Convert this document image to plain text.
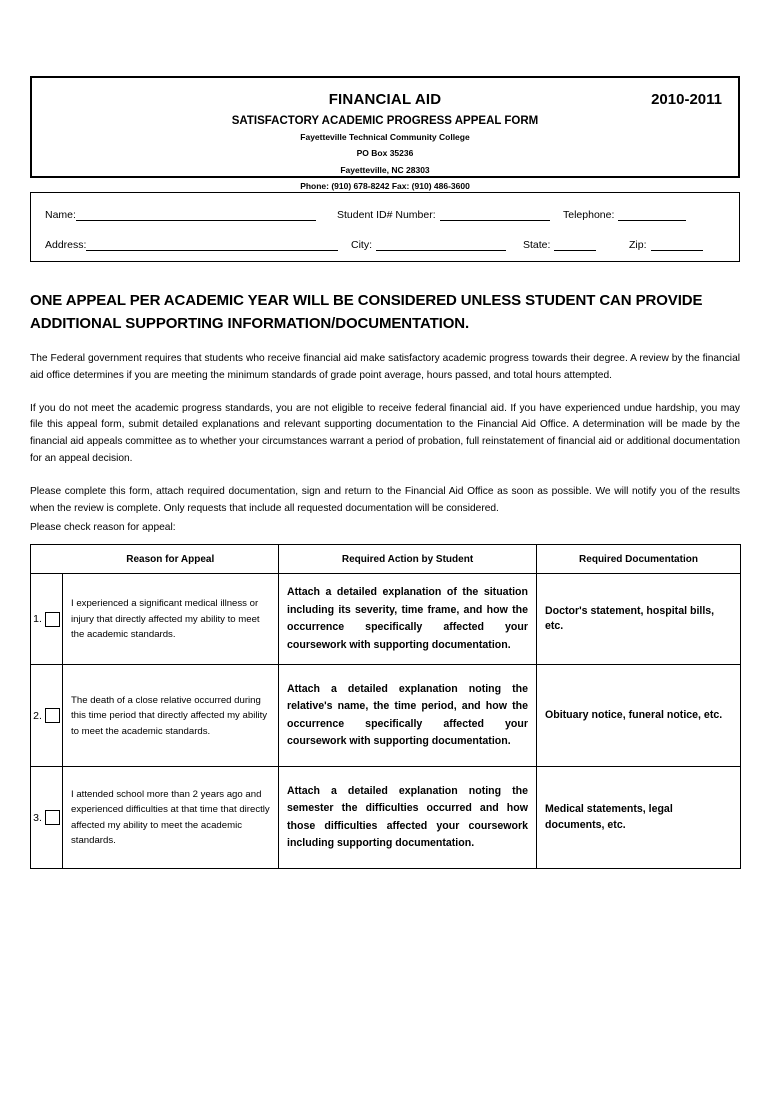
FINANCIAL AID	2010-2011
SATISFACTORY ACADEMIC PROGRESS APPEAL FORM
Fayetteville Technical Community College
PO Box 35236
Fayetteville, NC 28303
Phone: (910) 678-8242 Fax: (910) 486-3600
Name:	Student ID# Number:	Telephone:
Address:	City:	State:	Zip:
ONE APPEAL PER ACADEMIC YEAR WILL BE CONSIDERED UNLESS STUDENT CAN PROVIDE ADDITIONAL SUPPORTING INFORMATION/DOCUMENTATION.
The Federal government requires that students who receive financial aid make satisfactory academic progress towards their degree. A review by the financial aid office determines if you are meeting the minimum standards of grade point average, hours passed, and total hours attempted.
If you do not meet the academic progress standards, you are not eligible to receive federal financial aid. If you have experienced undue hardship, you may file this appeal form, submit detailed explanations and relevant supporting documentation to the Financial Aid Office. A determination will be made by the financial aid appeals committee as to whether your circumstances warrant a period of probation, full reinstatement of financial aid or additional documentation for an appeal decision.
Please complete this form, attach required documentation, sign and return to the Financial Aid Office as soon as possible. We will notify you of the results when the review is complete. Only requests that include all requested documentation will be considered.
Please check reason for appeal:
	Reason for Appeal	Required Action by Student	Required Documentation

1.	I experienced a significant medical illness or injury that directly affected my ability to meet the academic standards.	Attach a detailed explanation of the situation including its severity, time frame, and how the occurrence specifically affected your coursework with supporting documentation.	Doctor's statement, hospital bills, etc.

2.	The death of a close relative occurred during this time period that directly affected my ability to meet the academic standards.	Attach a detailed explanation noting the relative's name, the time period, and how the occurrence specifically affected your coursework with supporting documentation.	Obituary notice, funeral notice, etc.

3.	I attended school more than 2 years ago and experienced difficulties at that time that directly affected my ability to meet the academic standards.	Attach a detailed explanation noting the semester the difficulties occurred and how those difficulties affected your coursework including supporting documentation.	Medical statements, legal documents, etc.
